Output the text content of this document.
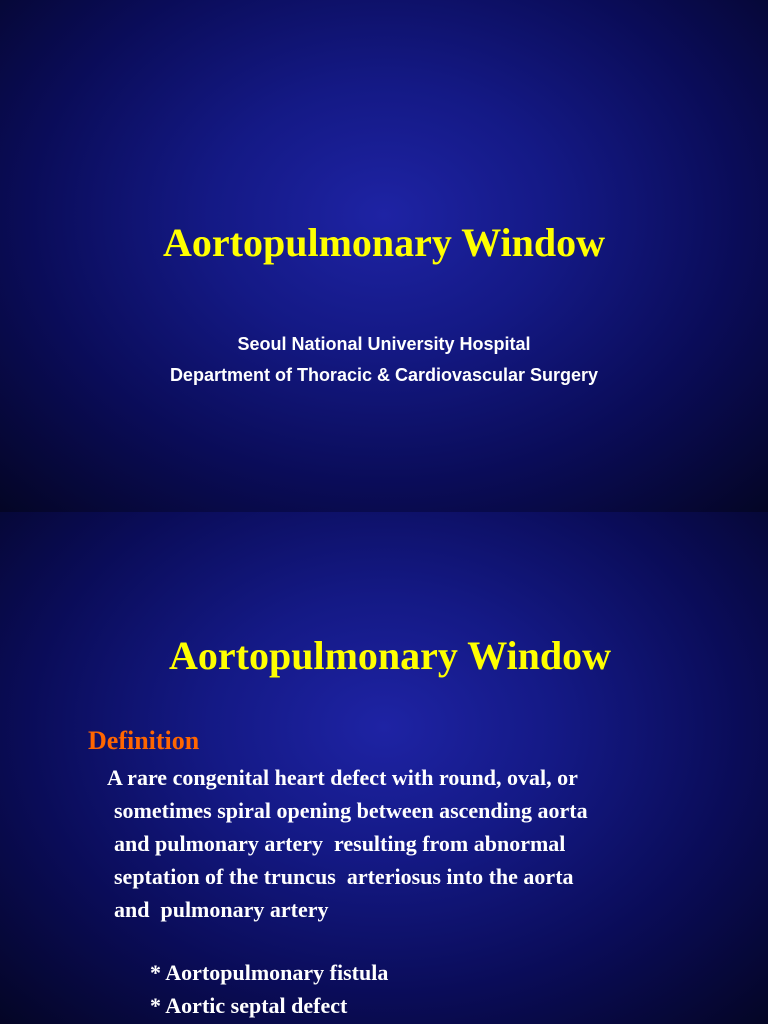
Aortopulmonary Window
Seoul National University Hospital
Department of Thoracic & Cardiovascular Surgery
Aortopulmonary Window
Definition
A rare congenital heart defect with round, oval, or
sometimes spiral opening between ascending aorta
and pulmonary artery  resulting from abnormal
septation of the truncus  arteriosus into the aorta
and  pulmonary artery
* Aortopulmonary fistula
* Aortic septal defect
